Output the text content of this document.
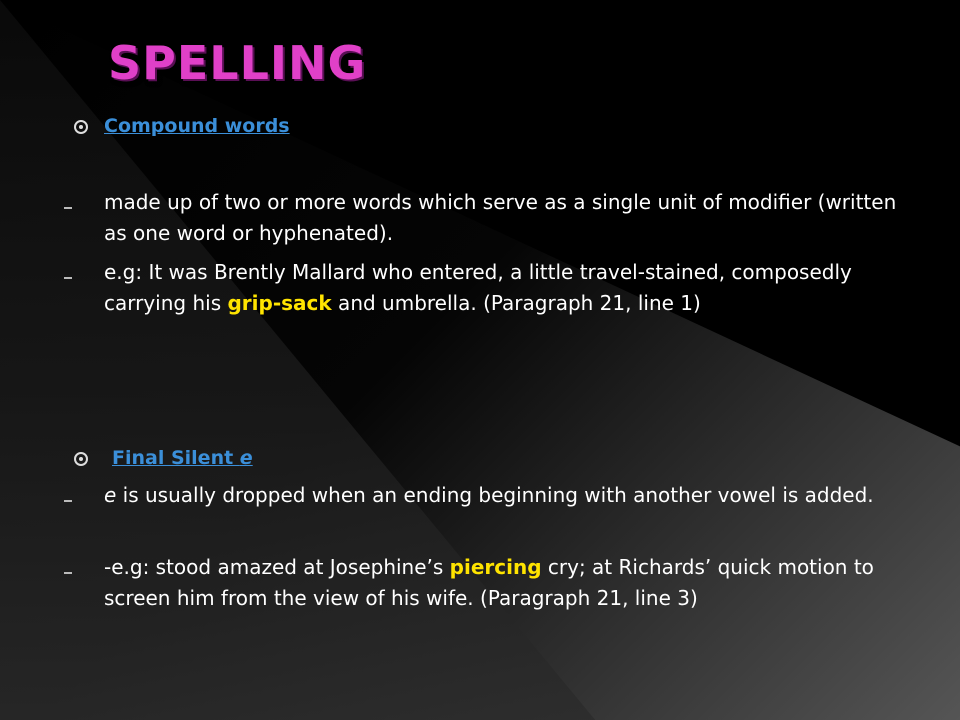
SPELLING
Compound words
made up of two or more words which serve as a single unit of modifier (written as one word or hyphenated).
e.g: It was Brently Mallard who entered, a little travel-stained, composedly carrying his grip-sack and umbrella. (Paragraph 21, line 1)
Final Silent e
e is usually dropped when an ending beginning with another vowel is added.
-e.g: stood amazed at Josephine’s piercing cry; at Richards’ quick motion to screen him from the view of his wife. (Paragraph 21, line 3)
